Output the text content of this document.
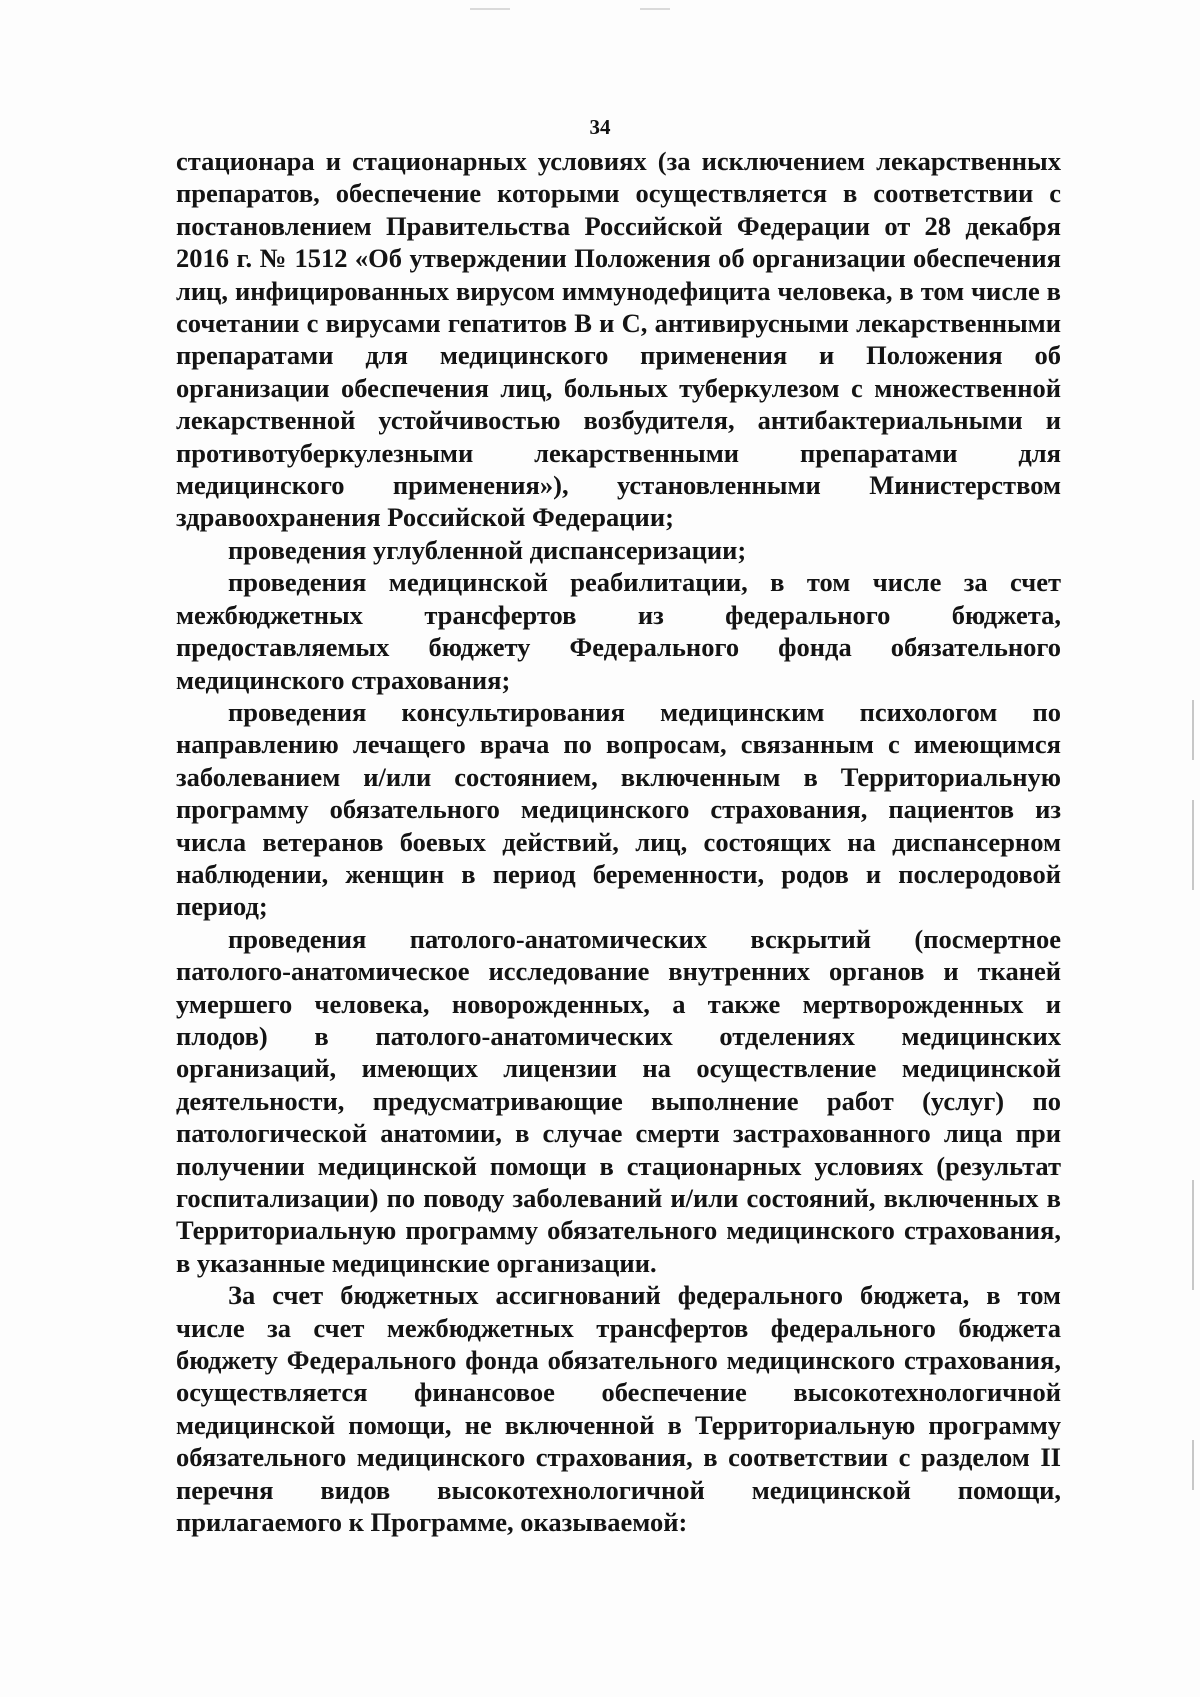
34

стационара и стационарных условиях (за исключением лекарственных препаратов, обеспечение которыми осуществляется в соответствии с постановлением Правительства Российской Федерации от 28 декабря 2016 г. № 1512 «Об утверждении Положения об организации обеспечения лиц, инфицированных вирусом иммунодефицита человека, в том числе в сочетании с вирусами гепатитов В и С, антивирусными лекарственными препаратами для медицинского применения и Положения об организации обеспечения лиц, больных туберкулезом с множественной лекарственной устойчивостью возбудителя, антибактериальными и противотуберкулезными лекарственными препаратами для медицинского применения»), установленными Министерством здравоохранения Российской Федерации;

проведения углубленной диспансеризации;

проведения медицинской реабилитации, в том числе за счет межбюджетных трансфертов из федерального бюджета, предоставляемых бюджету Федерального фонда обязательного медицинского страхования;

проведения консультирования медицинским психологом по направлению лечащего врача по вопросам, связанным с имеющимся заболеванием и/или состоянием, включенным в Территориальную программу обязательного медицинского страхования, пациентов из числа ветеранов боевых действий, лиц, состоящих на диспансерном наблюдении, женщин в период беременности, родов и послеродовой период;

проведения патолого-анатомических вскрытий (посмертное патолого-анатомическое исследование внутренних органов и тканей умершего человека, новорожденных, а также мертворожденных и плодов) в патолого-анатомических отделениях медицинских организаций, имеющих лицензии на осуществление медицинской деятельности, предусматривающие выполнение работ (услуг) по патологической анатомии, в случае смерти застрахованного лица при получении медицинской помощи в стационарных условиях (результат госпитализации) по поводу заболеваний и/или состояний, включенных в Территориальную программу обязательного медицинского страхования, в указанные медицинские организации.

За счет бюджетных ассигнований федерального бюджета, в том числе за счет межбюджетных трансфертов федерального бюджета бюджету Федерального фонда обязательного медицинского страхования, осуществляется финансовое обеспечение высокотехнологичной медицинской помощи, не включенной в Территориальную программу обязательного медицинского страхования, в соответствии с разделом II перечня видов высокотехнологичной медицинской помощи, прилагаемого к Программе, оказываемой:
